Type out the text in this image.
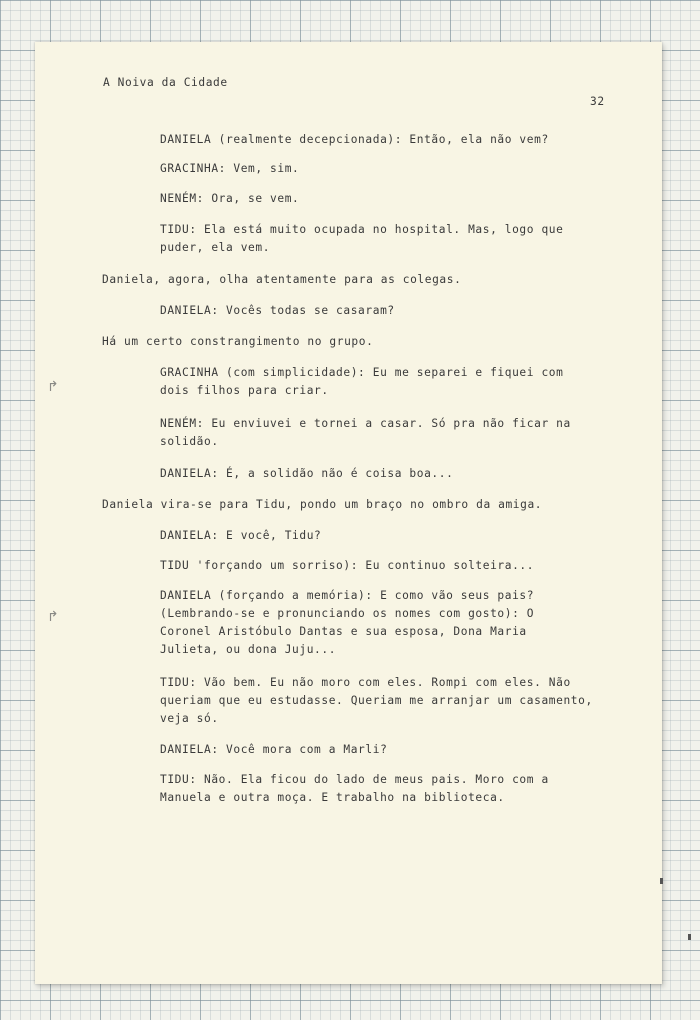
A Noiva da Cidade
32
DANIELA (realmente decepcionada): Então, ela não vem?
GRACINHA: Vem, sim.
NENÉM: Ora, se vem.
TIDU: Ela está muito ocupada no hospital. Mas, logo que
puder, ela vem.
Daniela, agora, olha atentamente para as colegas.
DANIELA: Vocês todas se casaram?
Há um certo constrangimento no grupo.
GRACINHA (com simplicidade): Eu me separei e fiquei com
dois filhos para criar.
NENÉM: Eu enviuvei e tornei a casar. Só pra não ficar na
solidão.
DANIELA: É, a solidão não é coisa boa...
Daniela vira-se para Tidu, pondo um braço no ombro da amiga.
DANIELA: E você, Tidu?
TIDU 'forçando um sorriso): Eu continuo solteira...
DANIELA (forçando a memória): E como vão seus pais?
(Lembrando-se e pronunciando os nomes com gosto): O
Coronel Aristóbulo Dantas e sua esposa, Dona Maria
Julieta, ou dona Juju...
TIDU: Vão bem. Eu não moro com eles. Rompi com eles. Não
queriam que eu estudasse. Queriam me arranjar um casamento,
veja só.
DANIELA: Você mora com a Marli?
TIDU: Não. Ela ficou do lado de meus pais. Moro com a
Manuela e outra moça. E trabalho na biblioteca.
↱
↱
